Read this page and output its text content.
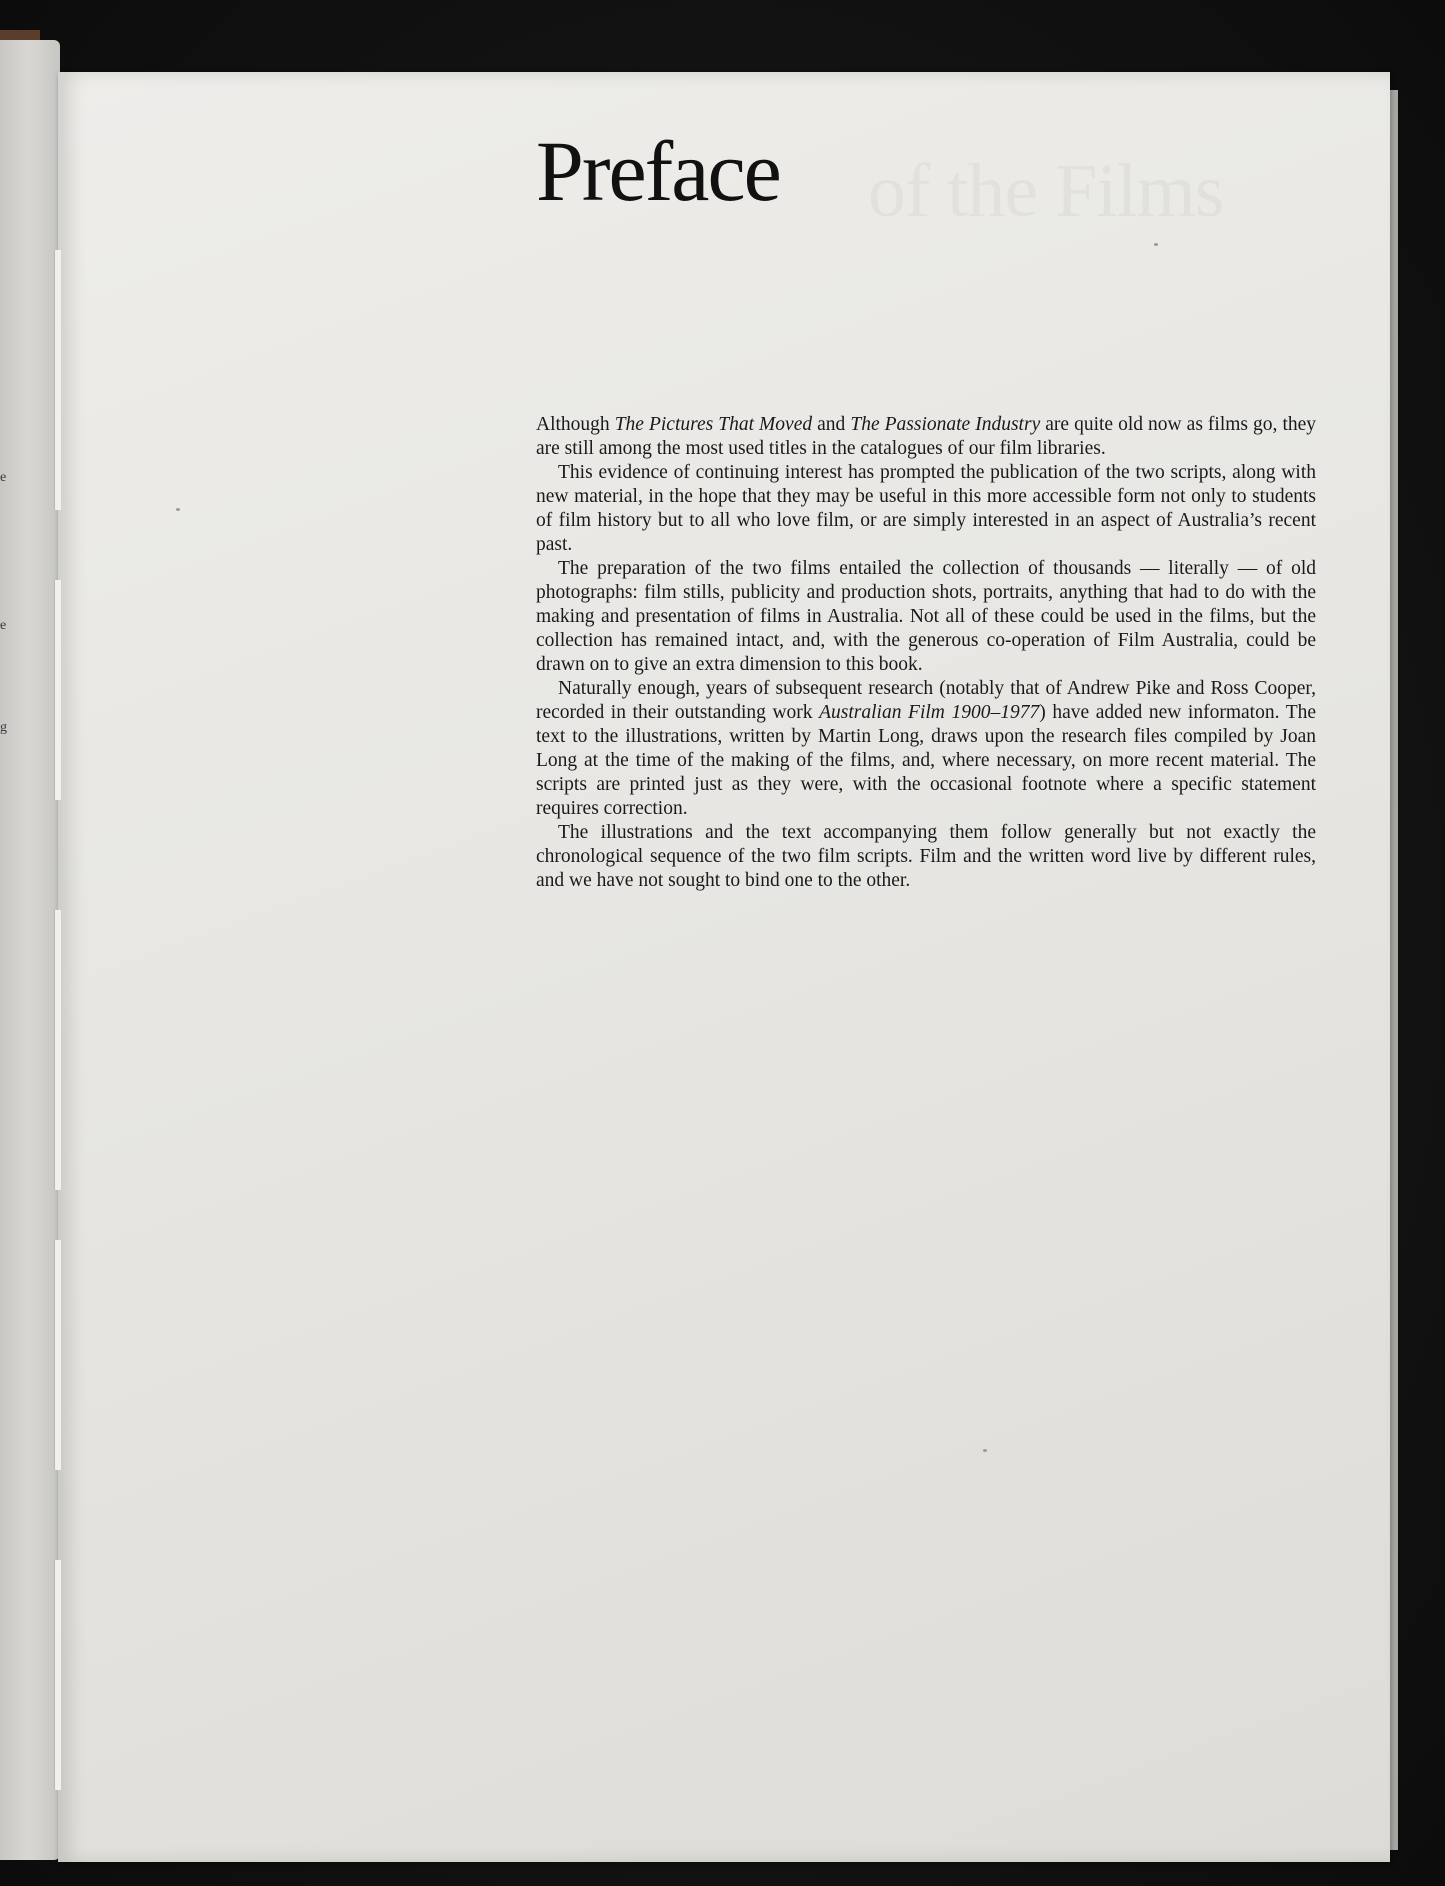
e
e
g
Preface

Although The Pictures That Moved and The Passionate Industry are quite old now as films go, they are still among the most used titles in the catalogues of our film libraries.

This evidence of continuing interest has prompted the publication of the two scripts, along with new material, in the hope that they may be useful in this more accessible form not only to students of film history but to all who love film, or are simply interested in an aspect of Australia’s recent past.

The preparation of the two films entailed the collection of thousands — literally — of old photographs: film stills, publicity and production shots, portraits, anything that had to do with the making and presentation of films in Australia. Not all of these could be used in the films, but the collection has remained intact, and, with the generous co-operation of Film Australia, could be drawn on to give an extra dimension to this book.

Naturally enough, years of subsequent research (notably that of Andrew Pike and Ross Cooper, recorded in their outstanding work Australian Film 1900–1977) have added new informaton. The text to the illustrations, written by Martin Long, draws upon the research files compiled by Joan Long at the time of the making of the films, and, where necessary, on more recent material. The scripts are printed just as they were, with the occasional footnote where a specific statement requires correction.

The illustrations and the text accompanying them follow generally but not exactly the chronological sequence of the two film scripts. Film and the written word live by different rules, and we have not sought to bind one to the other.
